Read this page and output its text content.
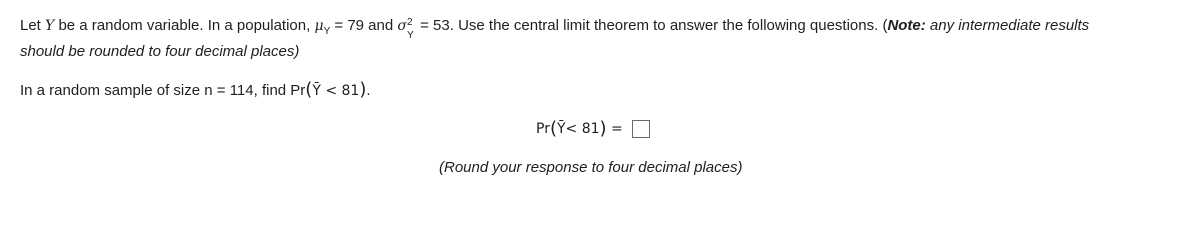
Let Y be a random variable. In a population, $\mu_Y = 79$ and σ 2
Y
= 53. Use the central limit theorem to answer the following questions. (Note: any intermediate results
should be rounded to four decimal places)
In a random sample of size n = 114, find Pr(Ȳ < 81).
Pr ( Ȳ < 81 ) =
(Round your response to four decimal places)
